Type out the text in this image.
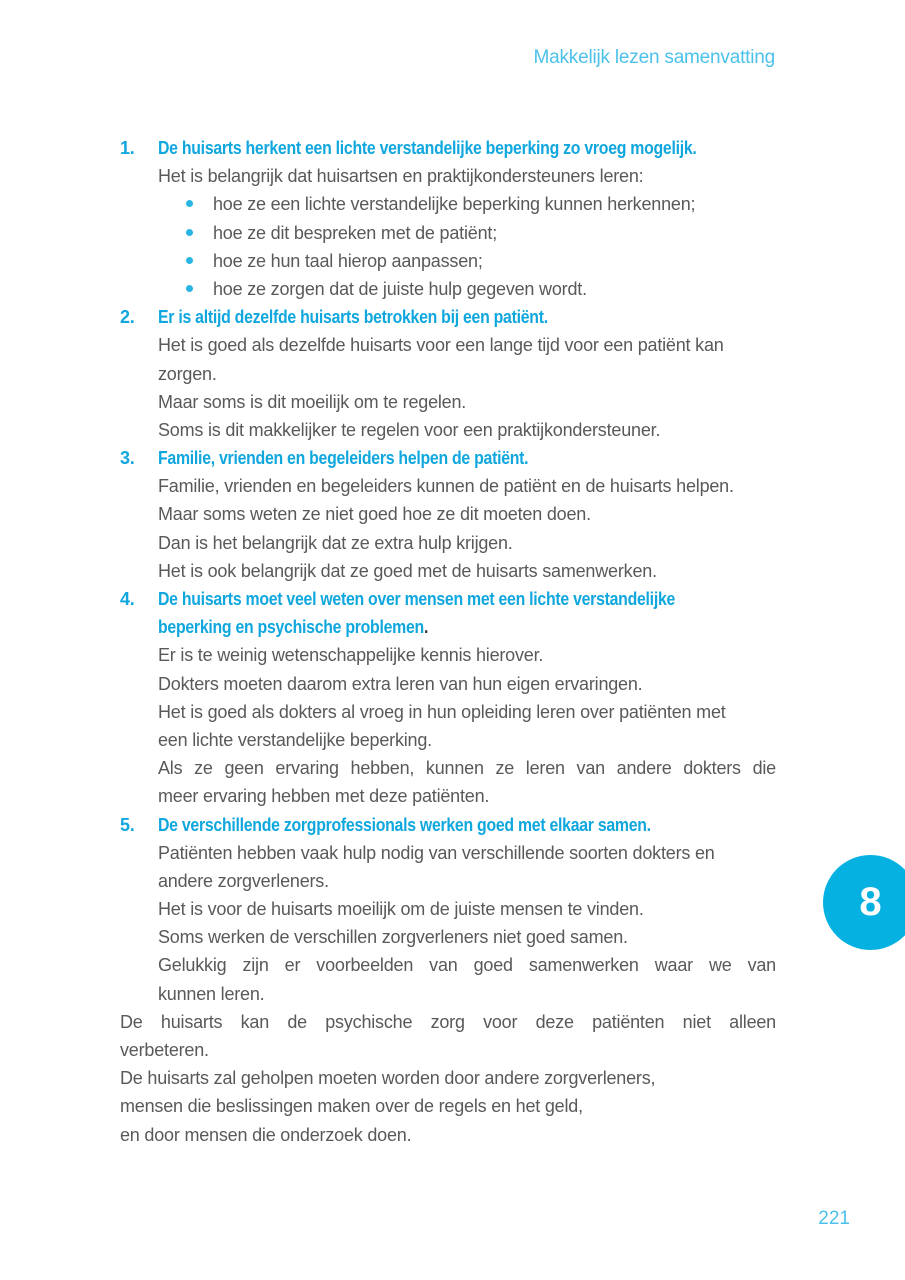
Makkelijk lezen samenvatting
1. De huisarts herkent een lichte verstandelijke beperking zo vroeg mogelijk.
Het is belangrijk dat huisartsen en praktijkondersteuners leren:
hoe ze een lichte verstandelijke beperking kunnen herkennen;
hoe ze dit bespreken met de patiënt;
hoe ze hun taal hierop aanpassen;
hoe ze zorgen dat de juiste hulp gegeven wordt.
2. Er is altijd dezelfde huisarts betrokken bij een patiënt.
Het is goed als dezelfde huisarts voor een lange tijd voor een patiënt kan
zorgen.
Maar soms is dit moeilijk om te regelen.
Soms is dit makkelijker te regelen voor een praktijkondersteuner.
3. Familie, vrienden en begeleiders helpen de patiënt.
Familie, vrienden en begeleiders kunnen de patiënt en de huisarts helpen.
Maar soms weten ze niet goed hoe ze dit moeten doen.
Dan is het belangrijk dat ze extra hulp krijgen.
Het is ook belangrijk dat ze goed met de huisarts samenwerken.
4. De huisarts moet veel weten over mensen met een lichte verstandelijke
beperking en psychische problemen.
Er is te weinig wetenschappelijke kennis hierover.
Dokters moeten daarom extra leren van hun eigen ervaringen.
Het is goed als dokters al vroeg in hun opleiding leren over patiënten met
een lichte verstandelijke beperking.
Als ze geen ervaring hebben, kunnen ze leren van andere dokters die
meer ervaring hebben met deze patiënten.
5. De verschillende zorgprofessionals werken goed met elkaar samen.
Patiënten hebben vaak hulp nodig van verschillende soorten dokters en
andere zorgverleners.
Het is voor de huisarts moeilijk om de juiste mensen te vinden.
Soms werken de verschillen zorgverleners niet goed samen.
Gelukkig zijn er voorbeelden van goed samenwerken waar we van
kunnen leren.
De huisarts kan de psychische zorg voor deze patiënten niet alleen
verbeteren.
De huisarts zal geholpen moeten worden door andere zorgverleners,
mensen die beslissingen maken over de regels en het geld,
en door mensen die onderzoek doen.
8
221
